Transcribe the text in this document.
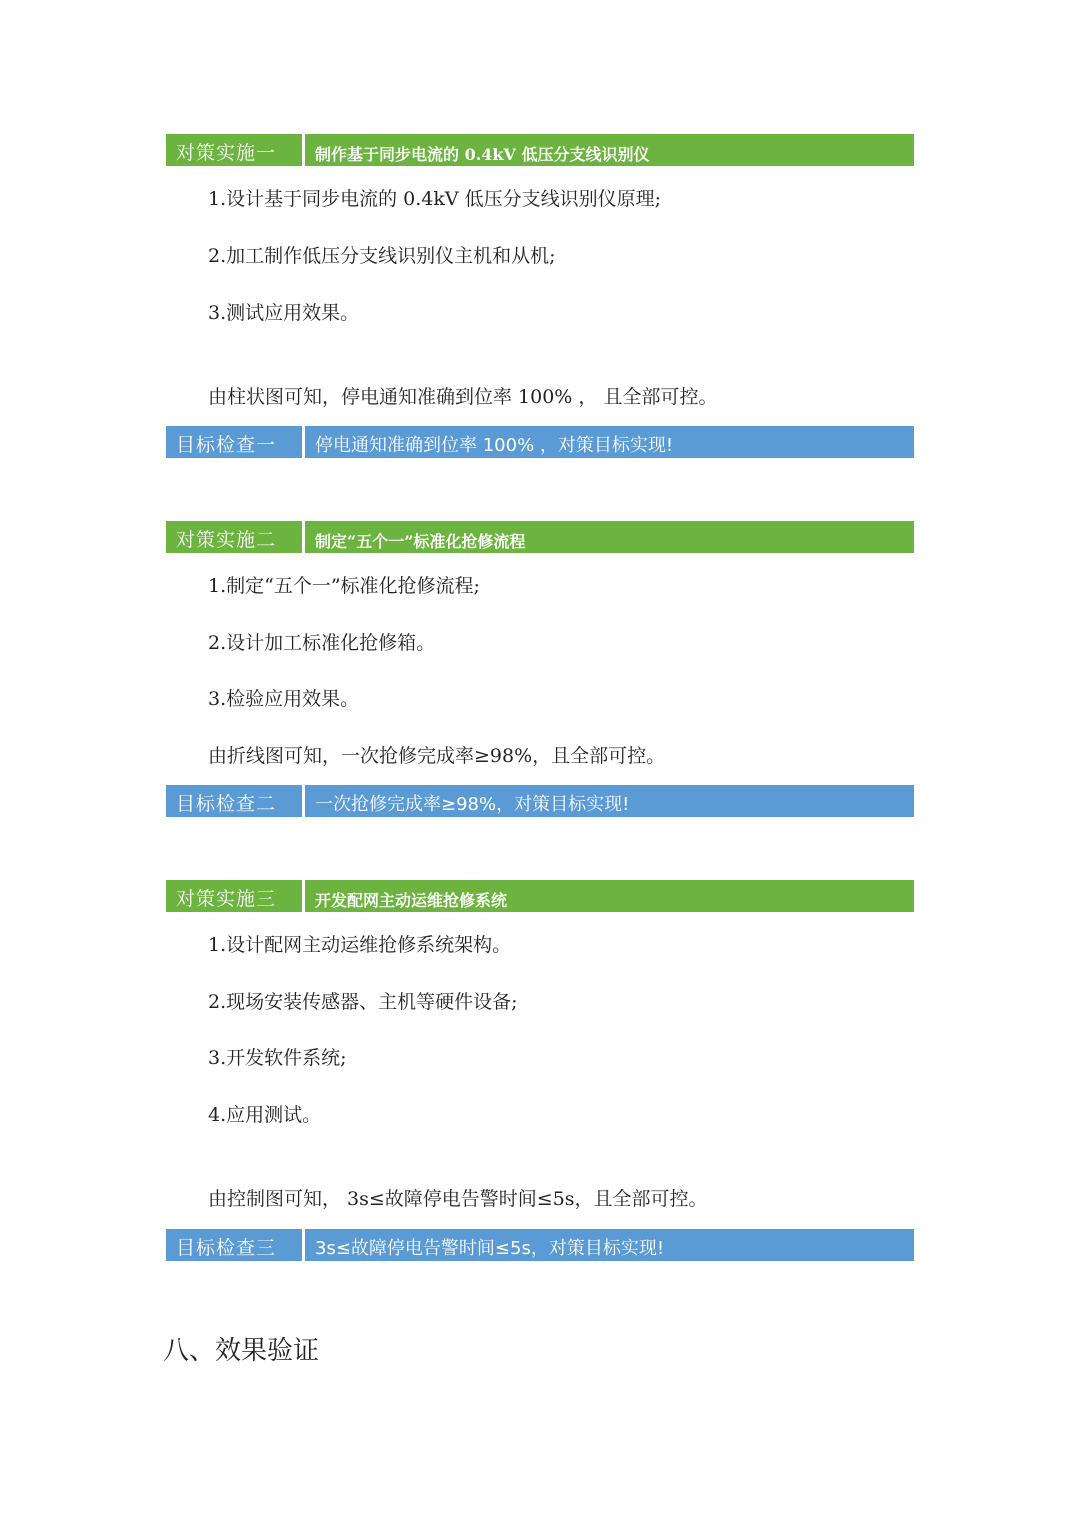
对策实施一	制作基于同步电流的 0.4kV 低压分支线识别仪
1.设计基于同步电流的 0.4kV 低压分支线识别仪原理;
2.加工制作低压分支线识别仪主机和从机;
3.测试应用效果。
由柱状图可知，停电通知准确到位率 100% ， 且全部可控。
目标检查一	停电通知准确到位率 100% ，对策目标实现!
对策实施二	制定“五个一”标准化抢修流程
1.制定“五个一”标准化抢修流程;
2.设计加工标准化抢修箱。
3.检验应用效果。
由折线图可知，一次抢修完成率≥98%，且全部可控。
目标检查二	一次抢修完成率≥98%，对策目标实现!
对策实施三	开发配网主动运维抢修系统
1.设计配网主动运维抢修系统架构。
2.现场安装传感器、主机等硬件设备;
3.开发软件系统;
4.应用测试。
由控制图可知， 3s≤故障停电告警时间≤5s，且全部可控。
目标检查三	3s≤故障停电告警时间≤5s，对策目标实现!
八、效果验证
